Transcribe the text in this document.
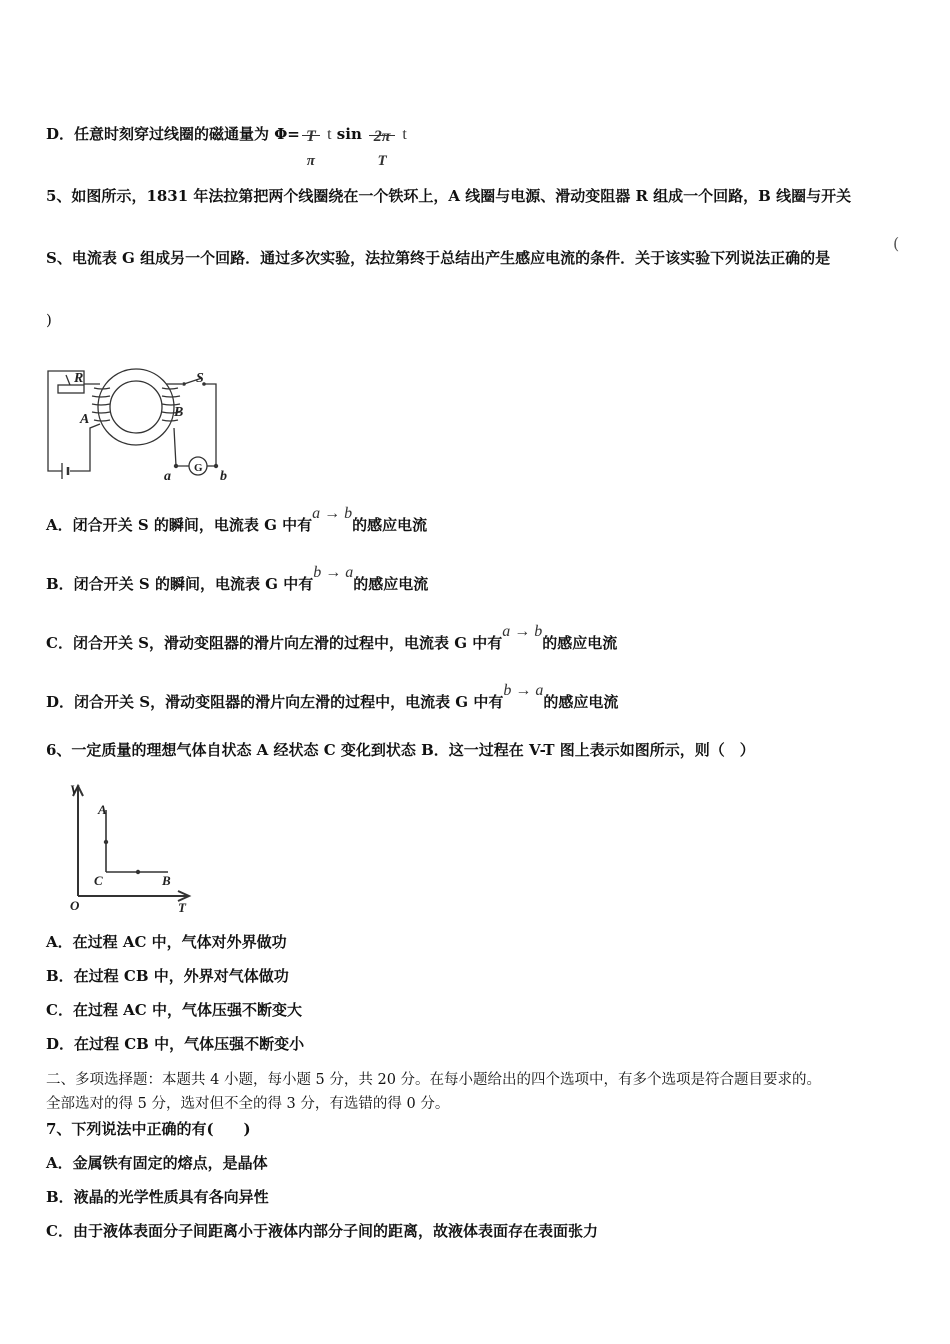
D．任意时刻穿过线圈的磁通量为 Φ= T
π
t sin 2π
T
t
5、如图所示，1831 年法拉第把两个线圈绕在一个铁环上，A 线圈与电源、滑动变阻器 R 组成一个回路，B 线圈与开关
S、电流表 G 组成另一个回路．通过多次实验，法拉第终于总结出产生感应电流的条件．关于该实验下列说法正确的是
(
)
R	S
A	B
G
a	b
A．闭合开关 S 的瞬间，电流表 G 中有a → b的感应电流
B．闭合开关 S 的瞬间，电流表 G 中有b → a的感应电流
C．闭合开关 S，滑动变阻器的滑片向左滑的过程中，电流表 G 中有a → b的感应电流
D．闭合开关 S，滑动变阻器的滑片向左滑的过程中，电流表 G 中有b → a的感应电流
6、一定质量的理想气体自状态 A 经状态 C 变化到状态 B．这一过程在 V-T 图上表示如图所示，则（　）
V
T
O
A
C	B
A．在过程 AC 中，气体对外界做功
B．在过程 CB 中，外界对气体做功
C．在过程 AC 中，气体压强不断变大
D．在过程 CB 中，气体压强不断变小
二、多项选择题：本题共 4 小题，每小题 5 分，共 20 分。在每小题给出的四个选项中，有多个选项是符合题目要求的。
全部选对的得 5 分，选对但不全的得 3 分，有选错的得 0 分。
7、下列说法中正确的有(　　)
A．金属铁有固定的熔点，是晶体
B．液晶的光学性质具有各向异性
C．由于液体表面分子间距离小于液体内部分子间的距离，故液体表面存在表面张力
